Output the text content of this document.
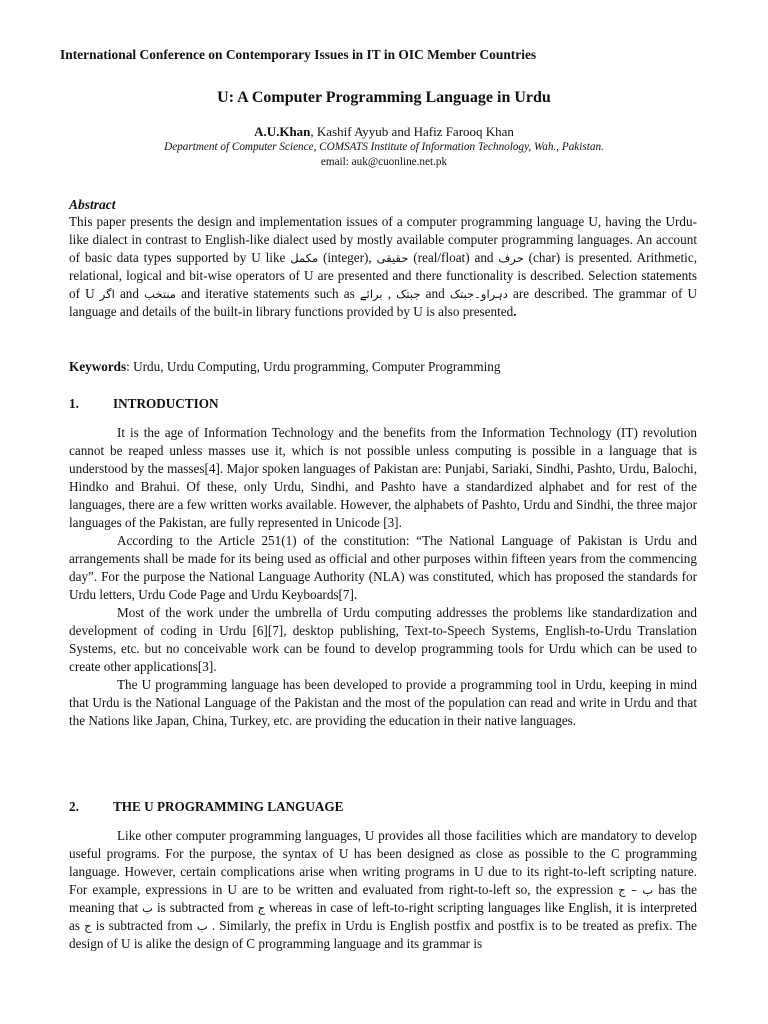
International Conference on Contemporary Issues in IT in OIC Member Countries
U: A Computer Programming Language in Urdu
A.U.Khan, Kashif Ayyub and Hafiz Farooq Khan
Department of Computer Science, COMSATS Institute of Information Technology, Wah., Pakistan.
email: auk@cuonline.net.pk
Abstract
This paper presents the design and implementation issues of a computer programming language U, having the Urdu-like dialect in contrast to English-like dialect used by mostly available computer programming languages. An account of basic data types supported by U like مکمل (integer), حقیقی (real/float) and حرف (char) is presented. Arithmetic, relational, logical and bit-wise operators of U are presented and there functionality is described. Selection statements of U اگر and منتخب and iterative statements such as برائے , جبتک and دہراو۔جبتک are described. The grammar of U language and details of the built-in library functions provided by U is also presented.
Keywords: Urdu, Urdu Computing, Urdu programming, Computer Programming
1.	INTRODUCTION

It is the age of Information Technology and the benefits from the Information Technology (IT) revolution cannot be reaped unless masses use it, which is not possible unless computing is possible in a language that is understood by the masses[4]. Major spoken languages of Pakistan are: Punjabi, Sariaki, Sindhi, Pashto, Urdu, Balochi, Hindko and Brahui. Of these, only Urdu, Sindhi, and Pashto have a standardized alphabet and for rest of the languages, there are a few written works available. However, the alphabets of Pashto, Urdu and Sindhi, the three major languages of the Pakistan, are fully represented in Unicode [3].

According to the Article 251(1) of the constitution: “The National Language of Pakistan is Urdu and arrangements shall be made for its being used as official and other purposes within fifteen years from the commencing day”. For the purpose the National Language Authority (NLA) was constituted, which has proposed the standards for Urdu letters, Urdu Code Page and Urdu Keyboards[7].

Most of the work under the umbrella of Urdu computing addresses the problems like standardization and development of coding in Urdu [6][7], desktop publishing, Text-to-Speech Systems, English-to-Urdu Translation Systems, etc. but no conceivable work can be found to develop programming tools for Urdu which can be used to create other applications[3].

The U programming language has been developed to provide a programming tool in Urdu, keeping in mind that Urdu is the National Language of the Pakistan and the most of the population can read and write in Urdu and that the Nations like Japan, China, Turkey, etc. are providing the education in their native languages.

2.	THE U PROGRAMMING LANGUAGE

Like other computer programming languages, U provides all those facilities which are mandatory to develop useful programs. For the purpose, the syntax of U has been designed as close as possible to the C programming language. However, certain complications arise when writing programs in U due to its right-to-left scripting nature. For example, expressions in U are to be written and evaluated from right-to-left so, the expression ب – ج has the meaning that ب is subtracted from ج whereas in case of left-to-right scripting languages like English, it is interpreted as ج is subtracted from ب . Similarly, the prefix in Urdu is English postfix and postfix is to be treated as prefix. The design of U is alike the design of C programming language and its grammar is
